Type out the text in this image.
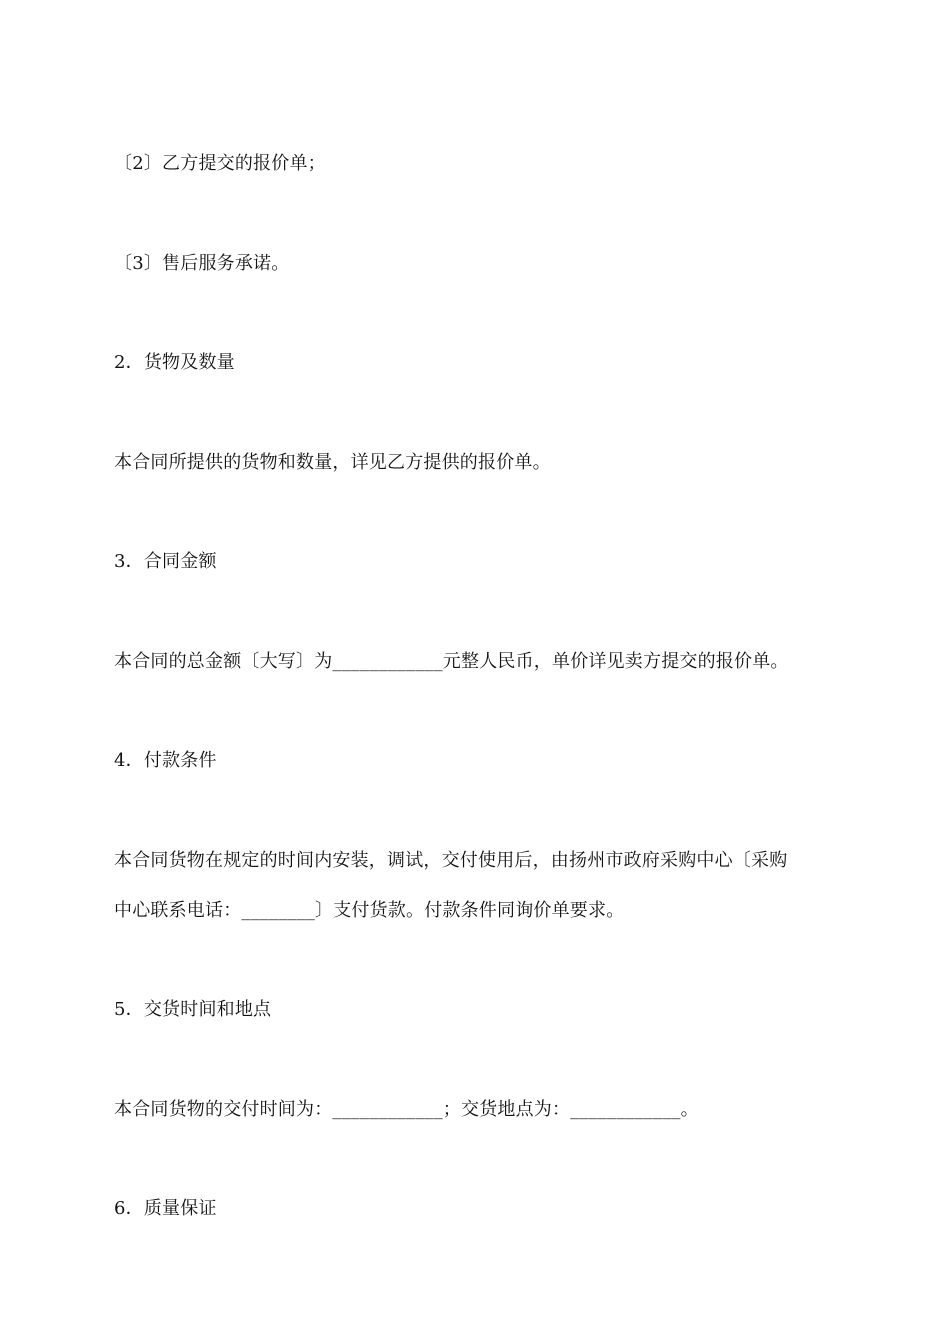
〔2〕乙方提交的报价单；

〔3〕售后服务承诺。

2．货物及数量

本合同所提供的货物和数量，详见乙方提供的报价单。

3．合同金额

本合同的总金额〔大写〕为____________元整人民币，单价详见卖方提交的报价单。

4．付款条件

本合同货物在规定的时间内安装，调试，交付使用后，由扬州市政府采购中心〔采购

中心联系电话：________〕支付货款。付款条件同询价单要求。

5．交货时间和地点

本合同货物的交付时间为：____________；交货地点为：____________。

6．质量保证
